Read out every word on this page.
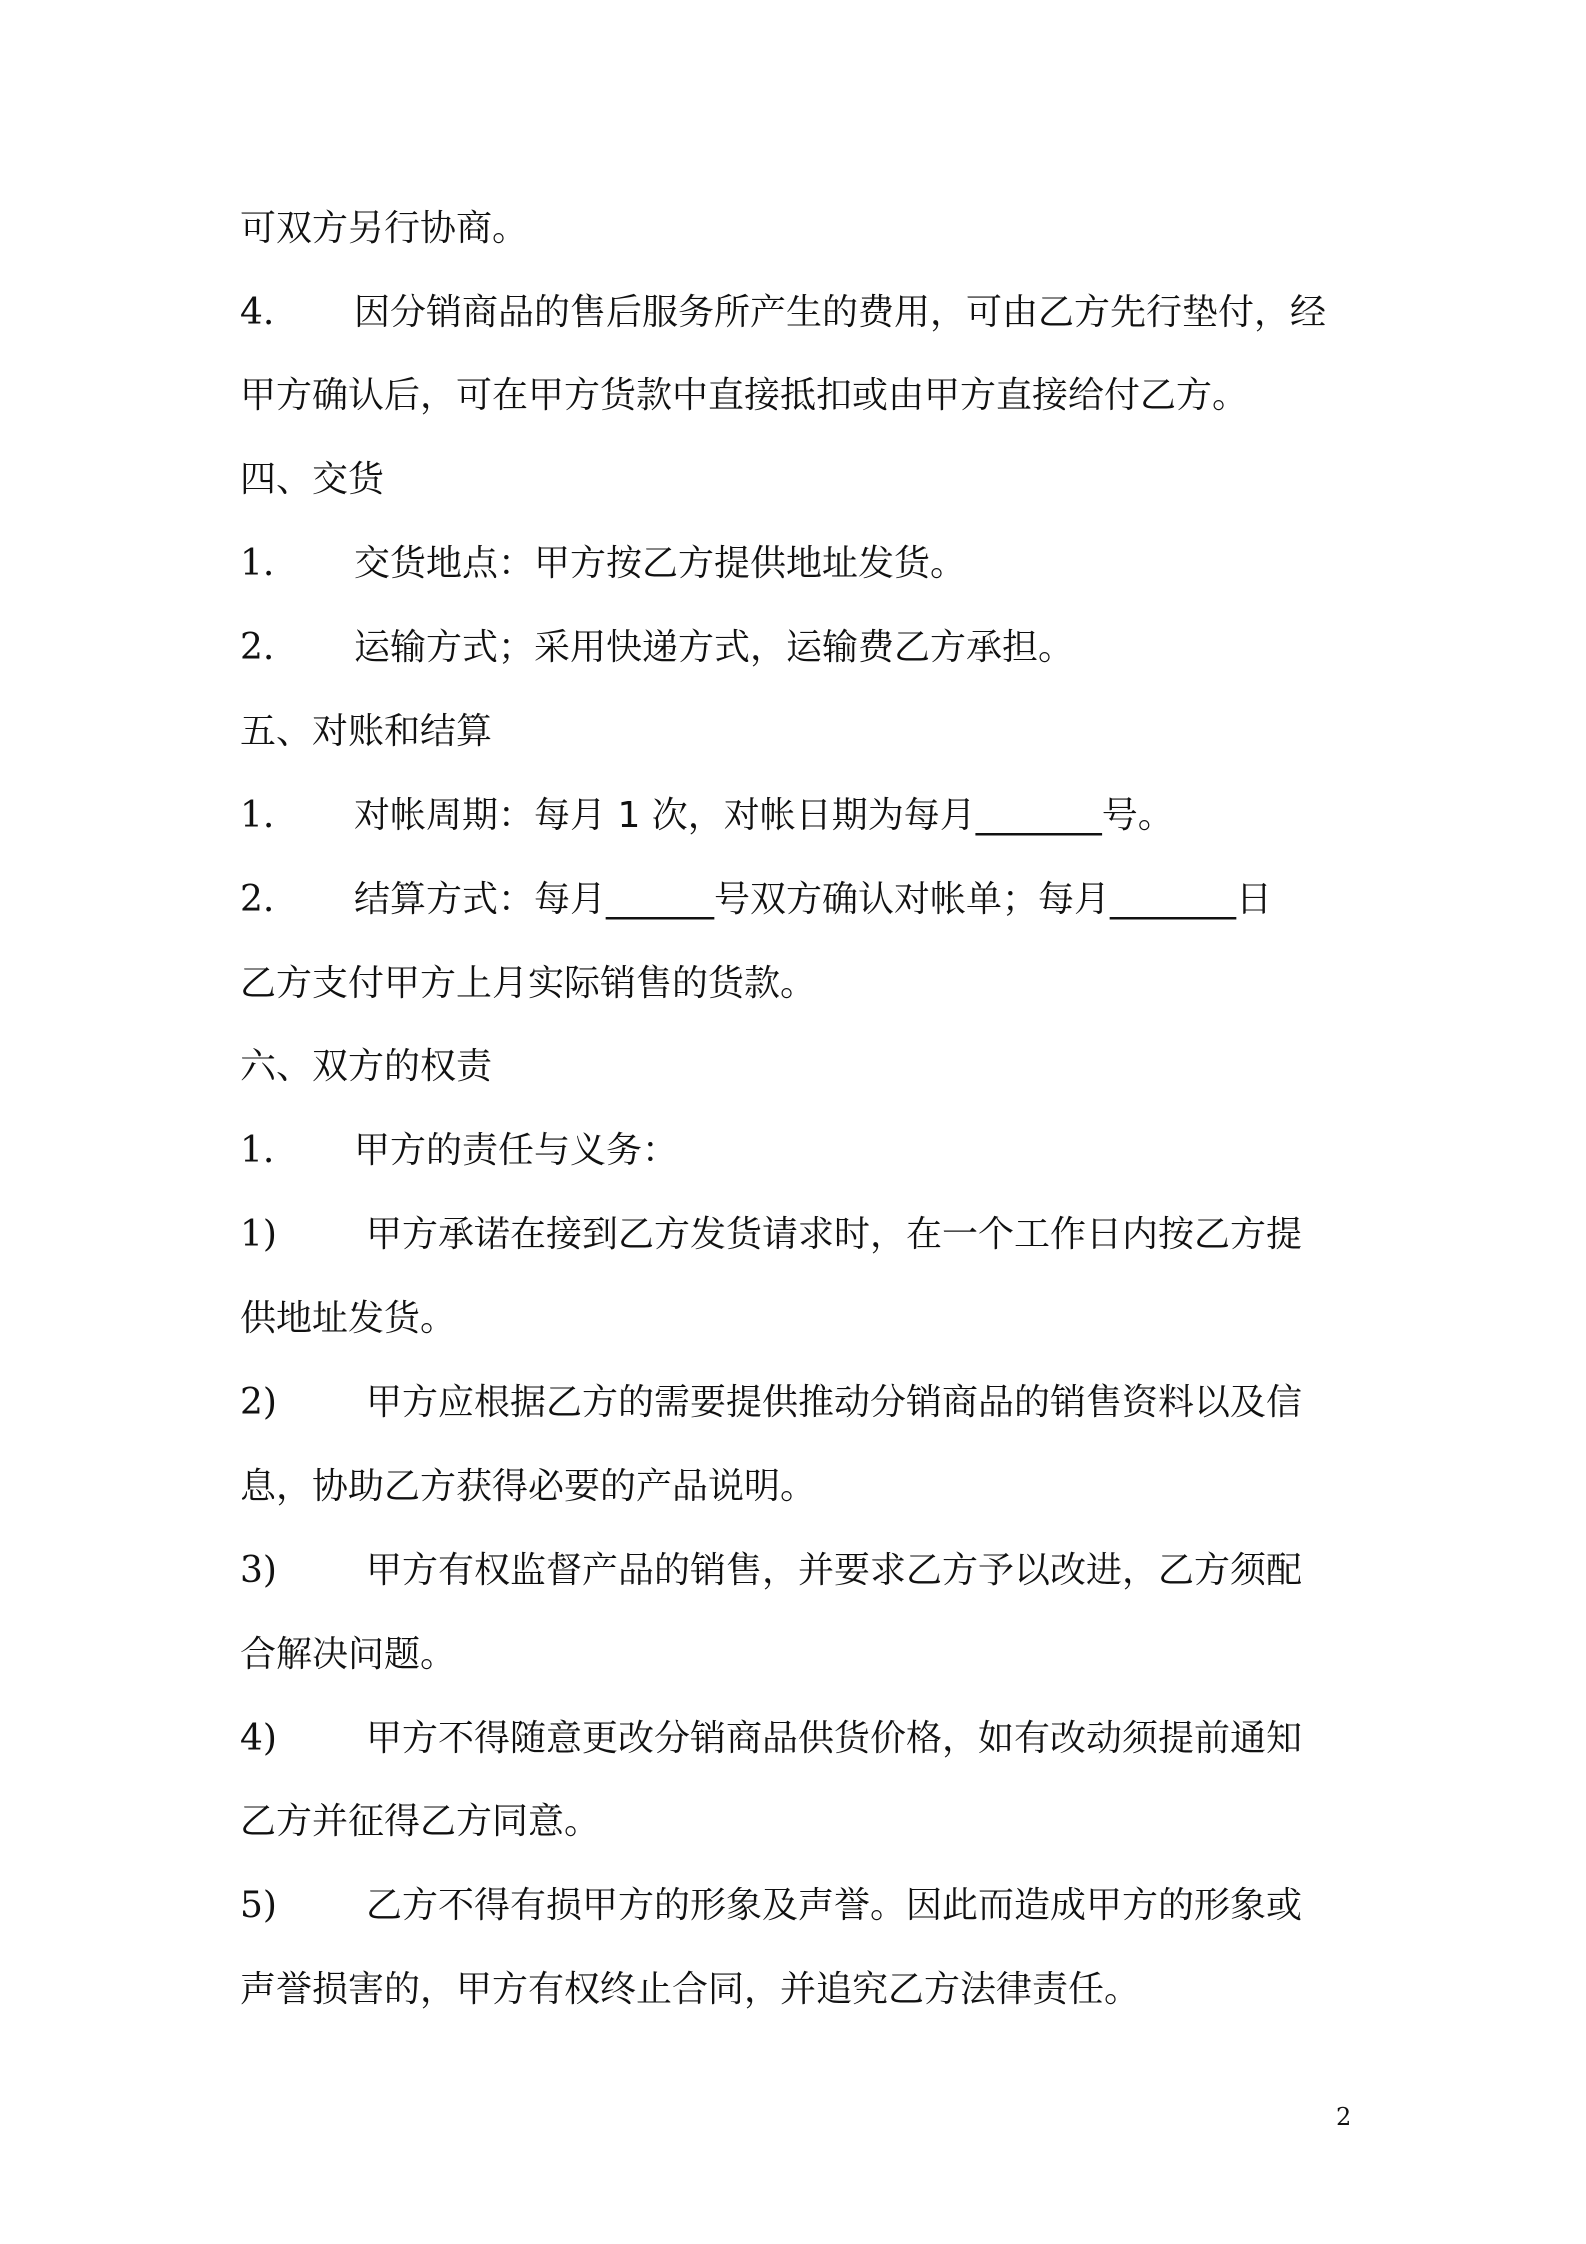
可双方另行协商。
4. 因分销商品的售后服务所产生的费用，可由乙方先行垫付，经
甲方确认后，可在甲方货款中直接抵扣或由甲方直接给付乙方。
四、交货
1. 交货地点：甲方按乙方提供地址发货。
2. 运输方式；采用快递方式，运输费乙方承担。
五、对账和结算
1. 对帐周期：每月 1 次，对帐日期为每月_______号。
2. 结算方式：每月______号双方确认对帐单；每月_______日
乙方支付甲方上月实际销售的货款。
六、双方的权责
1. 甲方的责任与义务：
1) 甲方承诺在接到乙方发货请求时，在一个工作日内按乙方提
供地址发货。
2) 甲方应根据乙方的需要提供推动分销商品的销售资料以及信
息，协助乙方获得必要的产品说明。
3) 甲方有权监督产品的销售，并要求乙方予以改进，乙方须配
合解决问题。
4) 甲方不得随意更改分销商品供货价格，如有改动须提前通知
乙方并征得乙方同意。
5) 乙方不得有损甲方的形象及声誉。因此而造成甲方的形象或
声誉损害的，甲方有权终止合同，并追究乙方法律责任。
2
